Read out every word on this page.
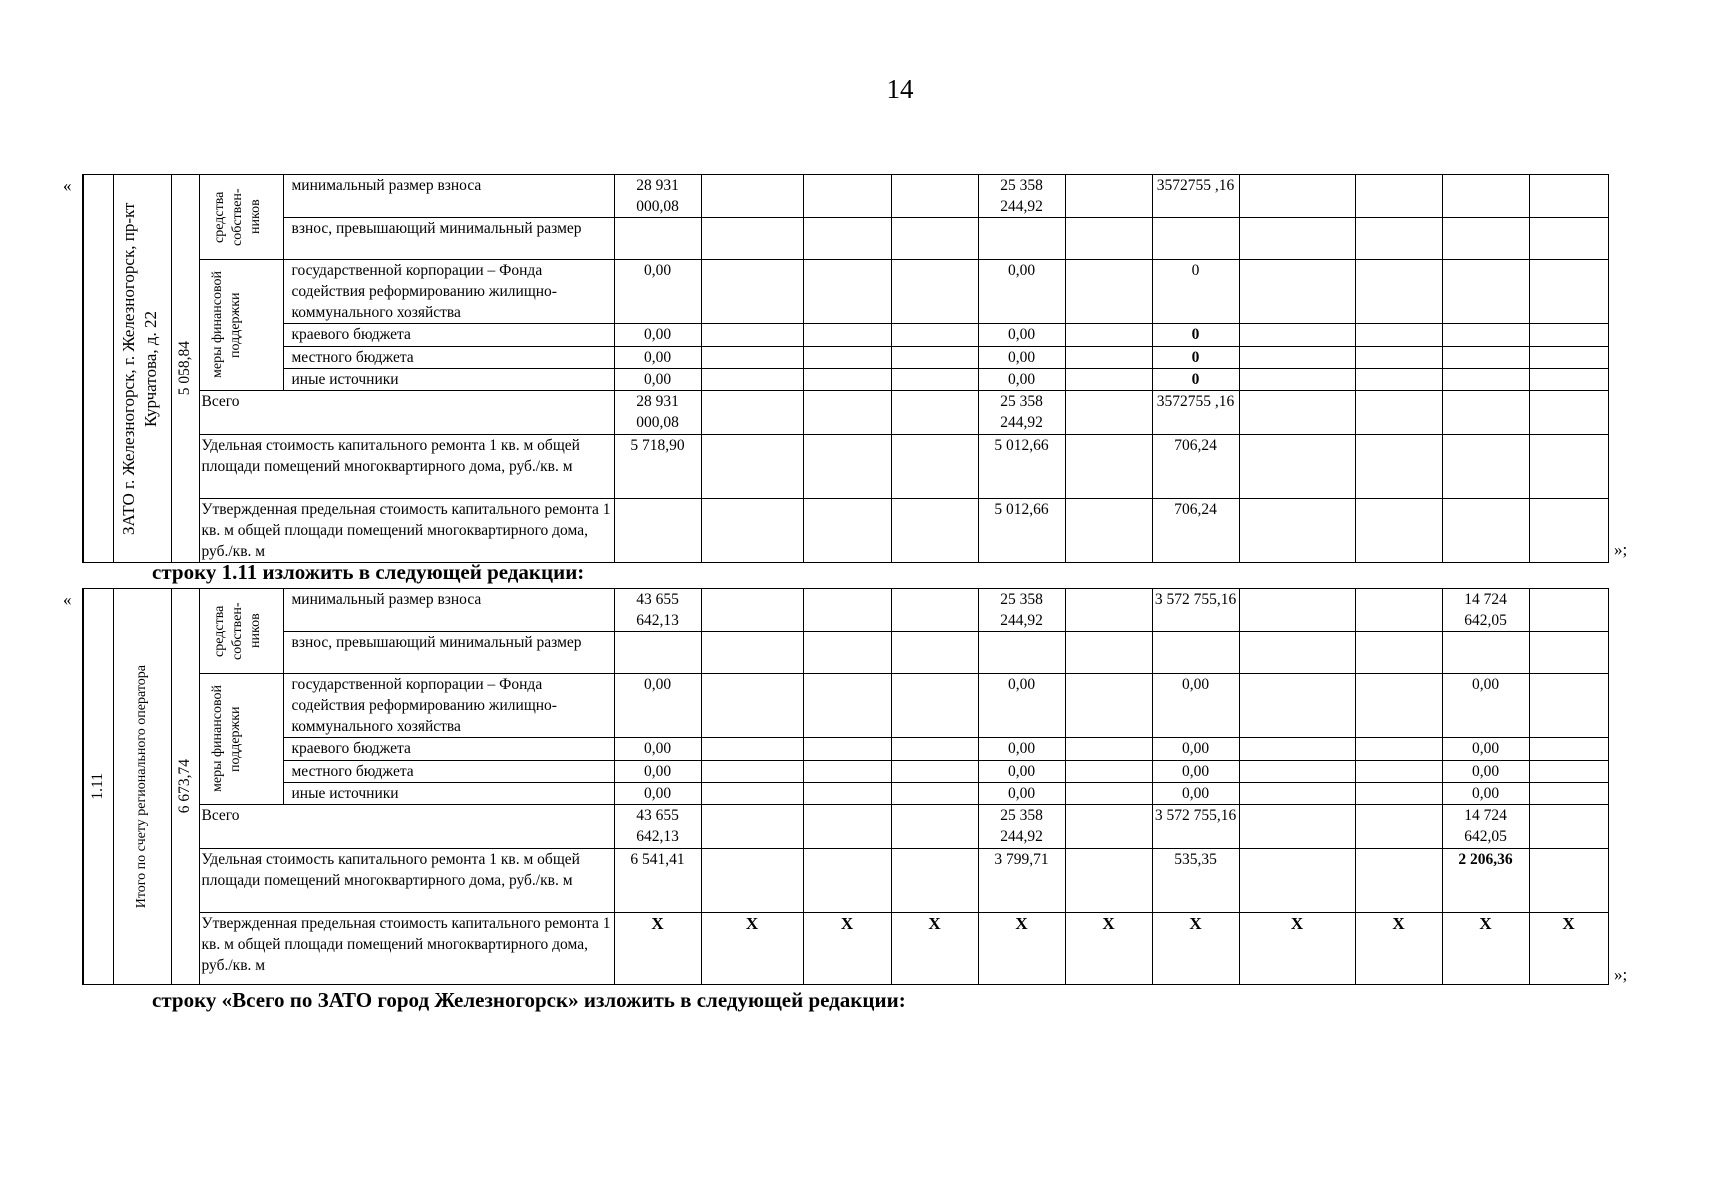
14
«

	ЗАТО г. Железногорск, г. Железногорск, пр-кт Курчатова, д. 22	5 058,84	средства собствен-ников	минимальный размер взноса	28 931 000,08				25 358 244,92		3572755 ,16				
				взнос, превышающий минимальный размер											

			меры финансовой поддержки	государственной корпорации – Фонда содействия реформированию жилищно-коммунального хозяйства	0,00				0,00		0				
				краевого бюджета	0,00				0,00		0				
				местного бюджета	0,00				0,00		0				
				иные источники	0,00				0,00		0				
			Всего		28 931 000,08				25 358 244,92		3572755 ,16				
			Удельная стоимость капитального ремонта 1 кв. м общей площади помещений многоквартирного дома, руб./кв. м		5 718,90				5 012,66		706,24				
			Утвержденная предельная стоимость капитального ремонта 1 кв. м общей площади помещений многоквартирного дома, руб./кв. м						5 012,66		706,24				
»;
строку 1.11 изложить в следующей редакции:
«
1.11	Итого по счету регионального оператора	6 673,74	средства собствен-ников	минимальный размер взноса	43 655 642,13				25 358 244,92		3 572 755,16			14 724 642,05	
				взнос, превышающий минимальный размер											

			меры финансовой поддержки	государственной корпорации – Фонда содействия реформированию жилищно-коммунального хозяйства	0,00				0,00		0,00			0,00	
				краевого бюджета	0,00				0,00		0,00			0,00	
				местного бюджета	0,00				0,00		0,00			0,00	
				иные источники	0,00				0,00		0,00			0,00	
			Всего		43 655 642,13				25 358 244,92		3 572 755,16			14 724 642,05	
			Удельная стоимость капитального ремонта 1 кв. м общей площади помещений многоквартирного дома, руб./кв. м		6 541,41				3 799,71		535,35			2 206,36	
			Утвержденная предельная стоимость капитального ремонта 1 кв. м общей площади помещений многоквартирного дома, руб./кв. м		X	X	X	X	X	X	X	X	X	X	X
»;
строку «Всего по ЗАТО город Железногорск» изложить в следующей редакции:
